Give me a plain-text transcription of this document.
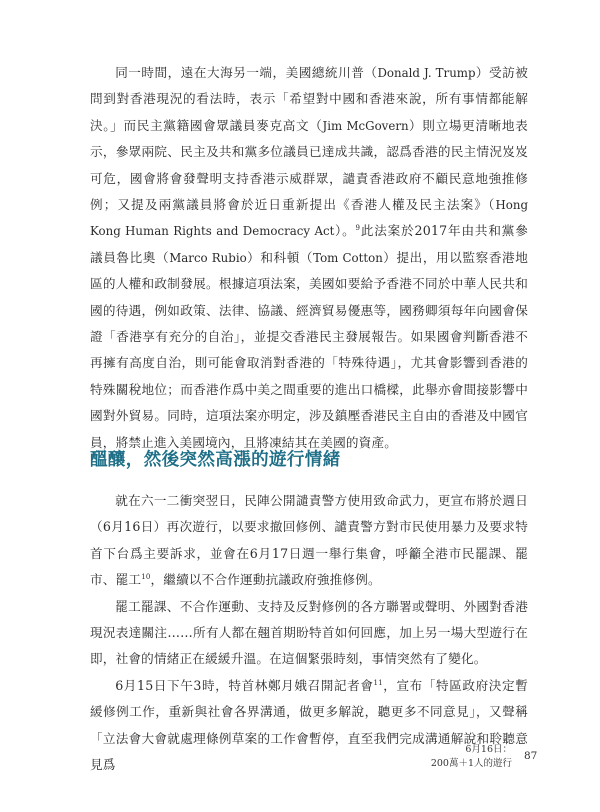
同一時間，遠在大海另一端，美國總統川普（Donald J. Trump）受訪被問到對香港現況的看法時，表示「希望對中國和香港來說，所有事情都能解決。」而民主黨籍國會眾議員麥克高文（Jim McGovern）則立場更清晰地表示，參眾兩院、民主及共和黨多位議員已達成共識，認爲香港的民主情況岌岌可危，國會將會發聲明支持香港示威群眾，譴責香港政府不顧民意地強推修例；又提及兩黨議員將會於近日重新提出《香港人權及民主法案》（Hong Kong Human Rights and Democracy Act）。$^9$此法案於2017年由共和黨參議員魯比奧（Marco Rubio）和科頓（Tom Cotton）提出，用以監察香港地區的人權和政制發展。根據這項法案，美國如要給予香港不同於中華人民共和國的待遇，例如政策、法律、協議、經濟貿易優惠等，國務卿須每年向國會保證「香港享有充分的自治」，並提交香港民主發展報告。如果國會判斷香港不再擁有高度自治，則可能會取消對香港的「特殊待遇」，尤其會影響到香港的特殊關稅地位；而香港作爲中美之間重要的進出口橋樑，此舉亦會間接影響中國對外貿易。同時，這項法案亦明定，涉及鎮壓香港民主自由的香港及中國官員，將禁止進入美國境內，且將凍結其在美國的資產。

醞釀，然後突然高漲的遊行情緒

就在六一二衝突翌日，民陣公開譴責警方使用致命武力，更宣布將於週日（6月16日）再次遊行，以要求撤回修例、譴責警方對市民使用暴力及要求特首下台爲主要訴求，並會在6月17日週一舉行集會，呼籲全港市民罷課、罷市、罷工$^{10}$，繼續以不合作運動抗議政府強推修例。

罷工罷課、不合作運動、支持及反對修例的各方聯署或聲明、外國對香港現況表達關注……所有人都在翹首期盼特首如何回應，加上另一場大型遊行在即，社會的情緒正在緩緩升溫。在這個緊張時刻，事情突然有了變化。

6月15日下午3時，特首林鄭月娥召開記者會$^{11}$，宣布「特區政府決定暫緩修例工作，重新與社會各界溝通，做更多解說，聽更多不同意見」，又聲稱「立法會大會就處理條例草案的工作會暫停，直至我們完成溝通解說和聆聽意見爲

6月16日：
200萬＋1人的遊行
87
